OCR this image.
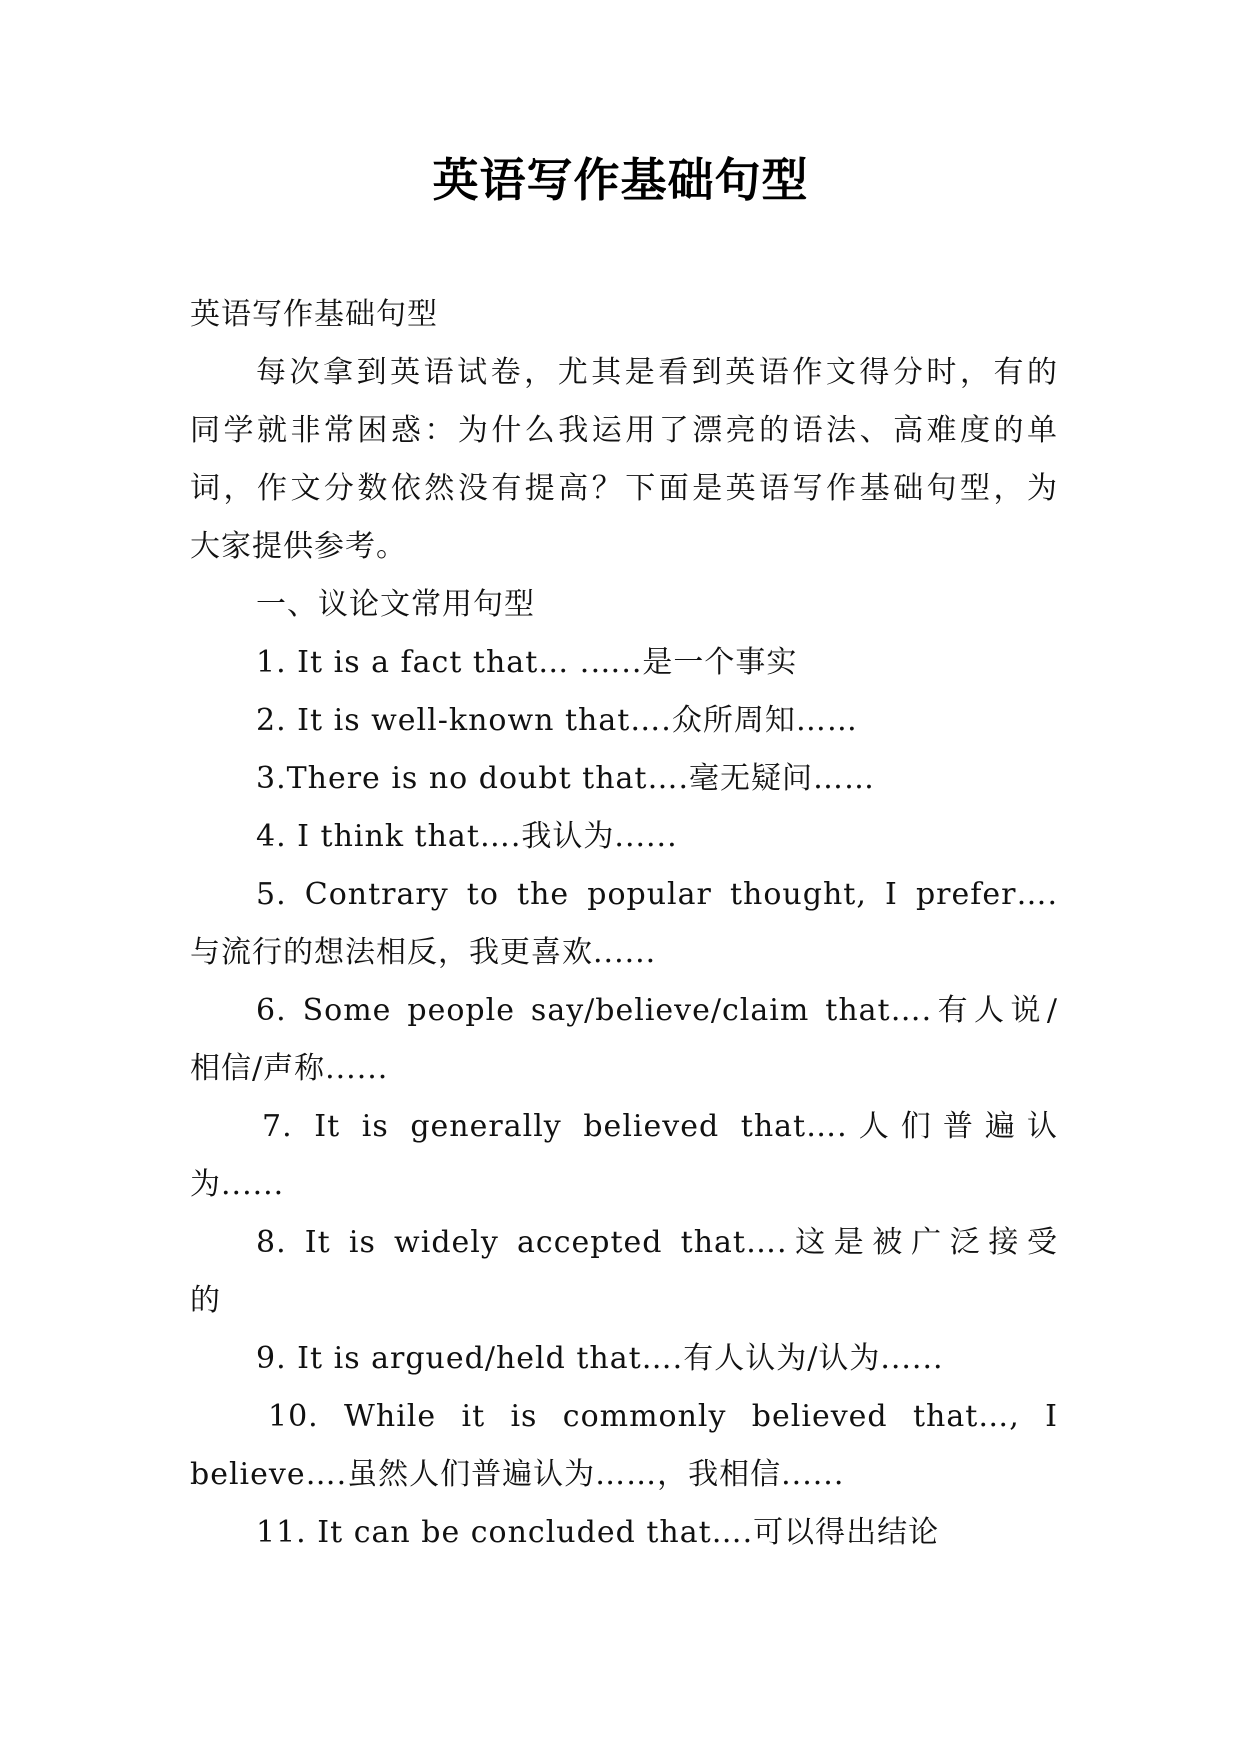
英语写作基础句型
英语写作基础句型
每次拿到英语试卷，尤其是看到英语作文得分时，有的
同学就非常困惑：为什么我运用了漂亮的语法、高难度的单
词，作文分数依然没有提高？下面是英语写作基础句型，为
大家提供参考。
一、议论文常用句型
1. It is a fact that… .…..是一个事实
2. It is well-known that….众所周知……
3.There is no doubt that….毫无疑问……
4. I think that….我认为......
5. Contrary to the popular thought, I prefer….
与流行的想法相反，我更喜欢......
6. Some people say/believe/claim that….有人说/
相信/声称......
7. It is generally believed that….人们普遍认
为......
8. It is widely accepted that….这是被广泛接受
的
9. It is argued/held that….有人认为/认为......
10. While it is commonly believed that…, I
believe….虽然人们普遍认为……，我相信......
11. It can be concluded that….可以得出结论
